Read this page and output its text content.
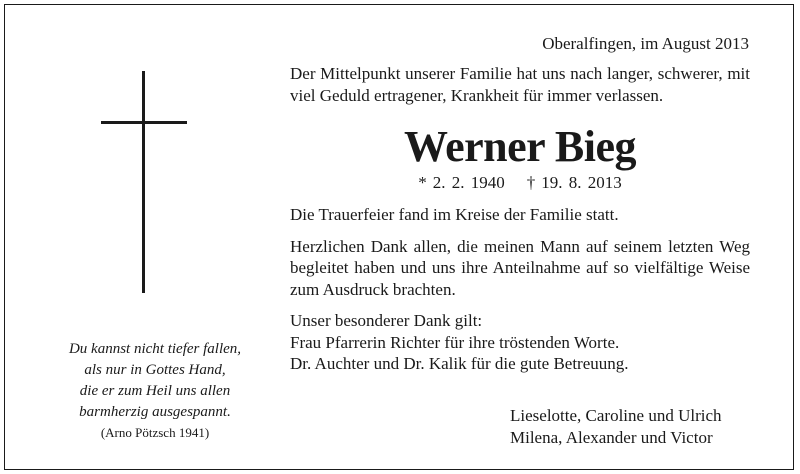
Du kannst nicht tiefer fallen,
als nur in Gottes Hand,
die er zum Heil uns allen
barmherzig ausgespannt.
(Arno Pötzsch 1941)
Oberalfingen, im August 2013
Der Mittelpunkt unserer Familie hat uns nach langer, schwerer, mit viel Geduld ertragener, Krankheit für immer verlassen.
Werner Bieg
* 2. 2. 1940 † 19. 8. 2013
Die Trauerfeier fand im Kreise der Familie statt.
Herzlichen Dank allen, die meinen Mann auf seinem letzten Weg begleitet haben und uns ihre Anteilnahme auf so vielfältige Weise zum Ausdruck brachten.
Unser besonderer Dank gilt:
Frau Pfarrerin Richter für ihre tröstenden Worte.
Dr. Auchter und Dr. Kalik für die gute Betreuung.
Lieselotte, Caroline und Ulrich
Milena, Alexander und Victor
